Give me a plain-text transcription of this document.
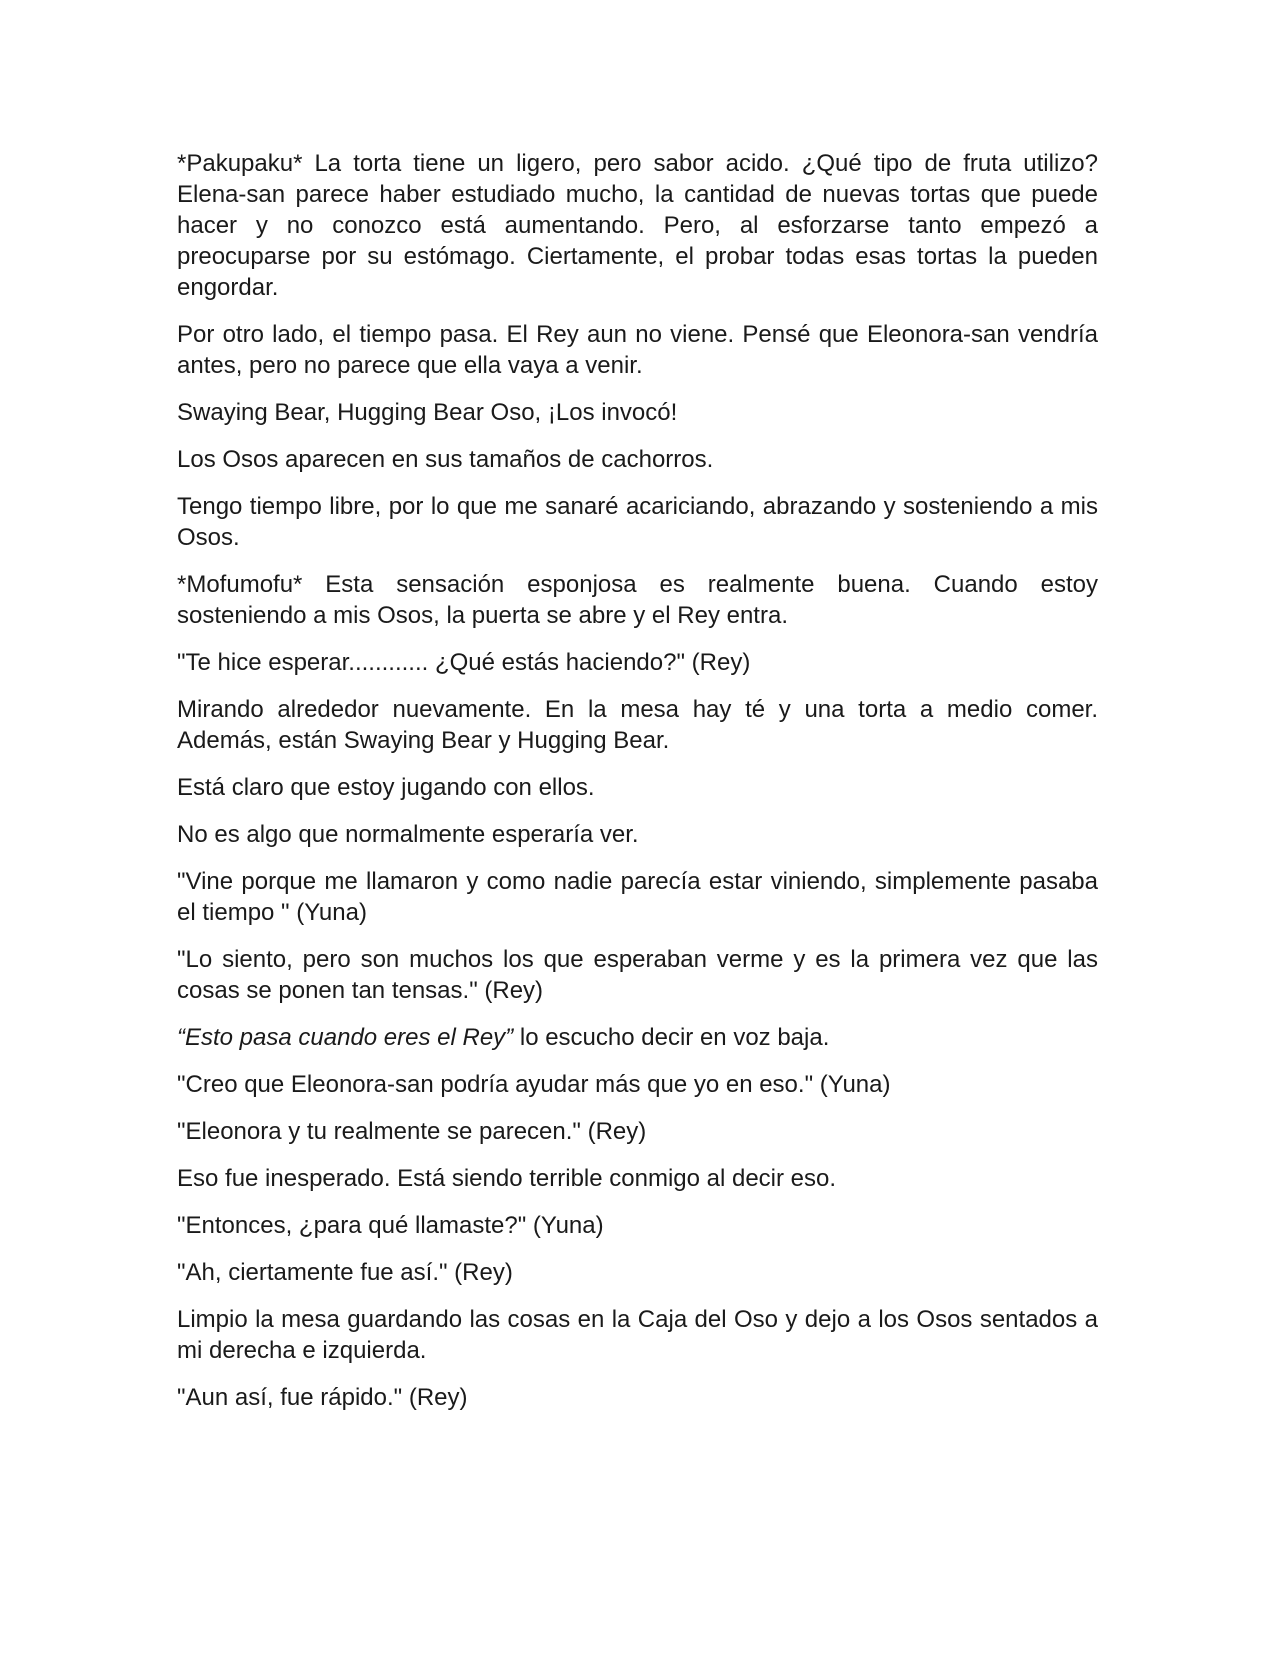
*Pakupaku* La torta tiene un ligero, pero sabor acido. ¿Qué tipo de fruta utilizo? Elena-san parece haber estudiado mucho, la cantidad de nuevas tortas que puede hacer y no conozco está aumentando. Pero, al esforzarse tanto empezó a preocuparse por su estómago. Ciertamente, el probar todas esas tortas la pueden engordar.

Por otro lado, el tiempo pasa. El Rey aun no viene. Pensé que Eleonora-san vendría antes, pero no parece que ella vaya a venir.

Swaying Bear, Hugging Bear Oso, ¡Los invocó!

Los Osos aparecen en sus tamaños de cachorros.

Tengo tiempo libre, por lo que me sanaré acariciando, abrazando y sosteniendo a mis Osos.

*Mofumofu* Esta sensación esponjosa es realmente buena. Cuando estoy sosteniendo a mis Osos, la puerta se abre y el Rey entra.

"Te hice esperar............ ¿Qué estás haciendo?" (Rey)

Mirando alrededor nuevamente. En la mesa hay té y una torta a medio comer. Además, están Swaying Bear y Hugging Bear.

Está claro que estoy jugando con ellos.

No es algo que normalmente esperaría ver.

"Vine porque me llamaron y como nadie parecía estar viniendo, simplemente pasaba el tiempo " (Yuna)

"Lo siento, pero son muchos los que esperaban verme y es la primera vez que las cosas se ponen tan tensas." (Rey)

“Esto pasa cuando eres el Rey” lo escucho decir en voz baja.

"Creo que Eleonora-san podría ayudar más que yo en eso." (Yuna)

"Eleonora y tu realmente se parecen." (Rey)

Eso fue inesperado. Está siendo terrible conmigo al decir eso.

"Entonces, ¿para qué llamaste?" (Yuna)

"Ah, ciertamente fue así." (Rey)

Limpio la mesa guardando las cosas en la Caja del Oso y dejo a los Osos sentados a mi derecha e izquierda.

"Aun así, fue rápido." (Rey)
